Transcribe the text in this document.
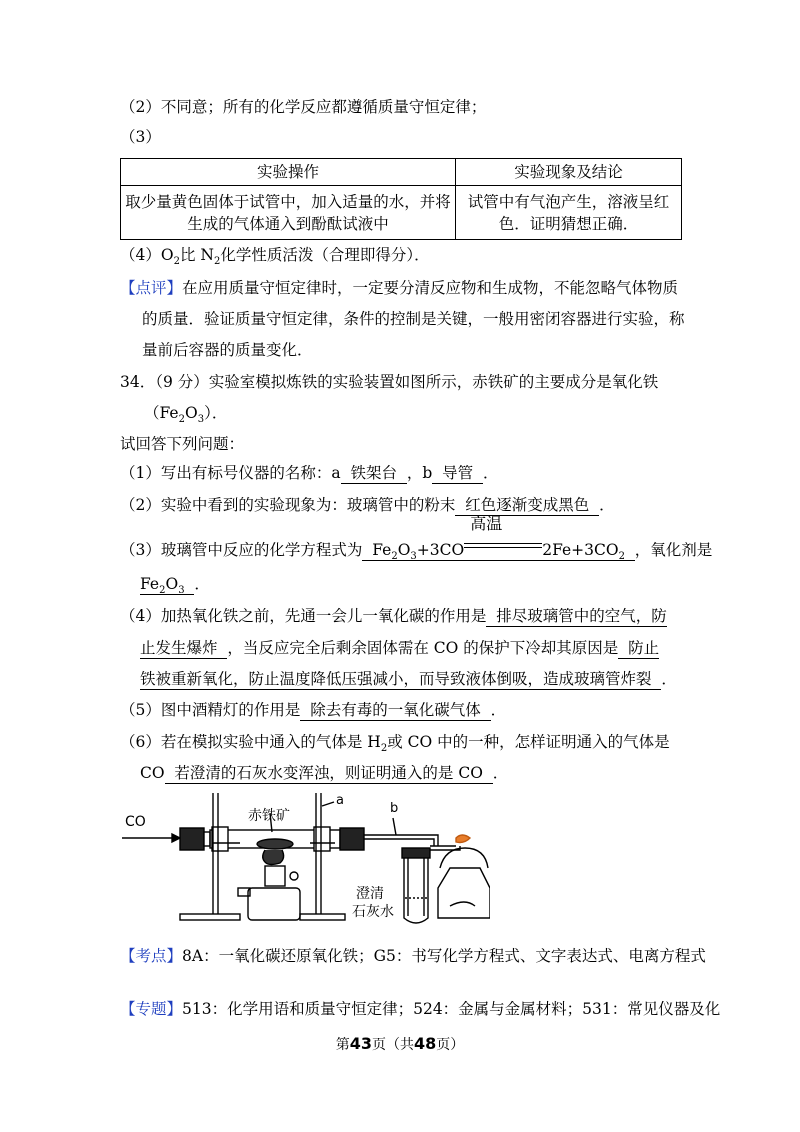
（2）不同意；所有的化学反应都遵循质量守恒定律；
（3）
实验操作	实验现象及结论
取少量黄色固体于试管中，加入适量的水，并将
生成的气体通入到酚酞试液中	试管中有气泡产生，溶液呈红
色．证明猜想正确．
$(4)O_2$比 $N_2$化学性质活泼（合理即得分）．
【点评】在应用质量守恒定律时，一定要分清反应物和生成物，不能忽略气体物质
的质量．验证质量守恒定律，条件的控制是关键，一般用密闭容器进行实验，称
量前后容器的质量变化．
34．（9 分）实验室模拟炼铁的实验装置如图所示，赤铁矿的主要成分是氧化铁
$(Fe_2O_3)$．
试回答下列问题：
（1）写出有标号仪器的名称：a  铁架台  ，b  导管  ．
（2）实验中看到的实验现象为：玻璃管中的粉末  红色逐渐变成黑色  ．
（3）玻璃管中反应的化学方程式为  $Fe_2O_3+3CO$
高温
$2Fe+3CO_2$ ，氧化剂是
$Fe_2O_3$ ．
（4）加热氧化铁之前，先通一会儿一氧化碳的作用是  排尽玻璃管中的空气，防
止发生爆炸  ，当反应完全后剩余固体需在 CO 的保护下冷却其原因是  防止
铁被重新氧化，防止温度降低压强减小，而导致液体倒吸，造成玻璃管炸裂  ．
（5）图中酒精灯的作用是  除去有毒的一氧化碳气体  ．
（6）若在模拟实验中通入的气体是 $H_2$或 CO 中的一种，怎样证明通入的气体是
CO  若澄清的石灰水变浑浊，则证明通入的是 CO  ．
CO	赤铁矿
a
b
澄清
石灰水
【考点】8A：一氧化碳还原氧化铁；G5：书写化学方程式、文字表达式、电离方程式
【专题】513：化学用语和质量守恒定律；524：金属与金属材料；531：常见仪器及化
第43页（共48页）
